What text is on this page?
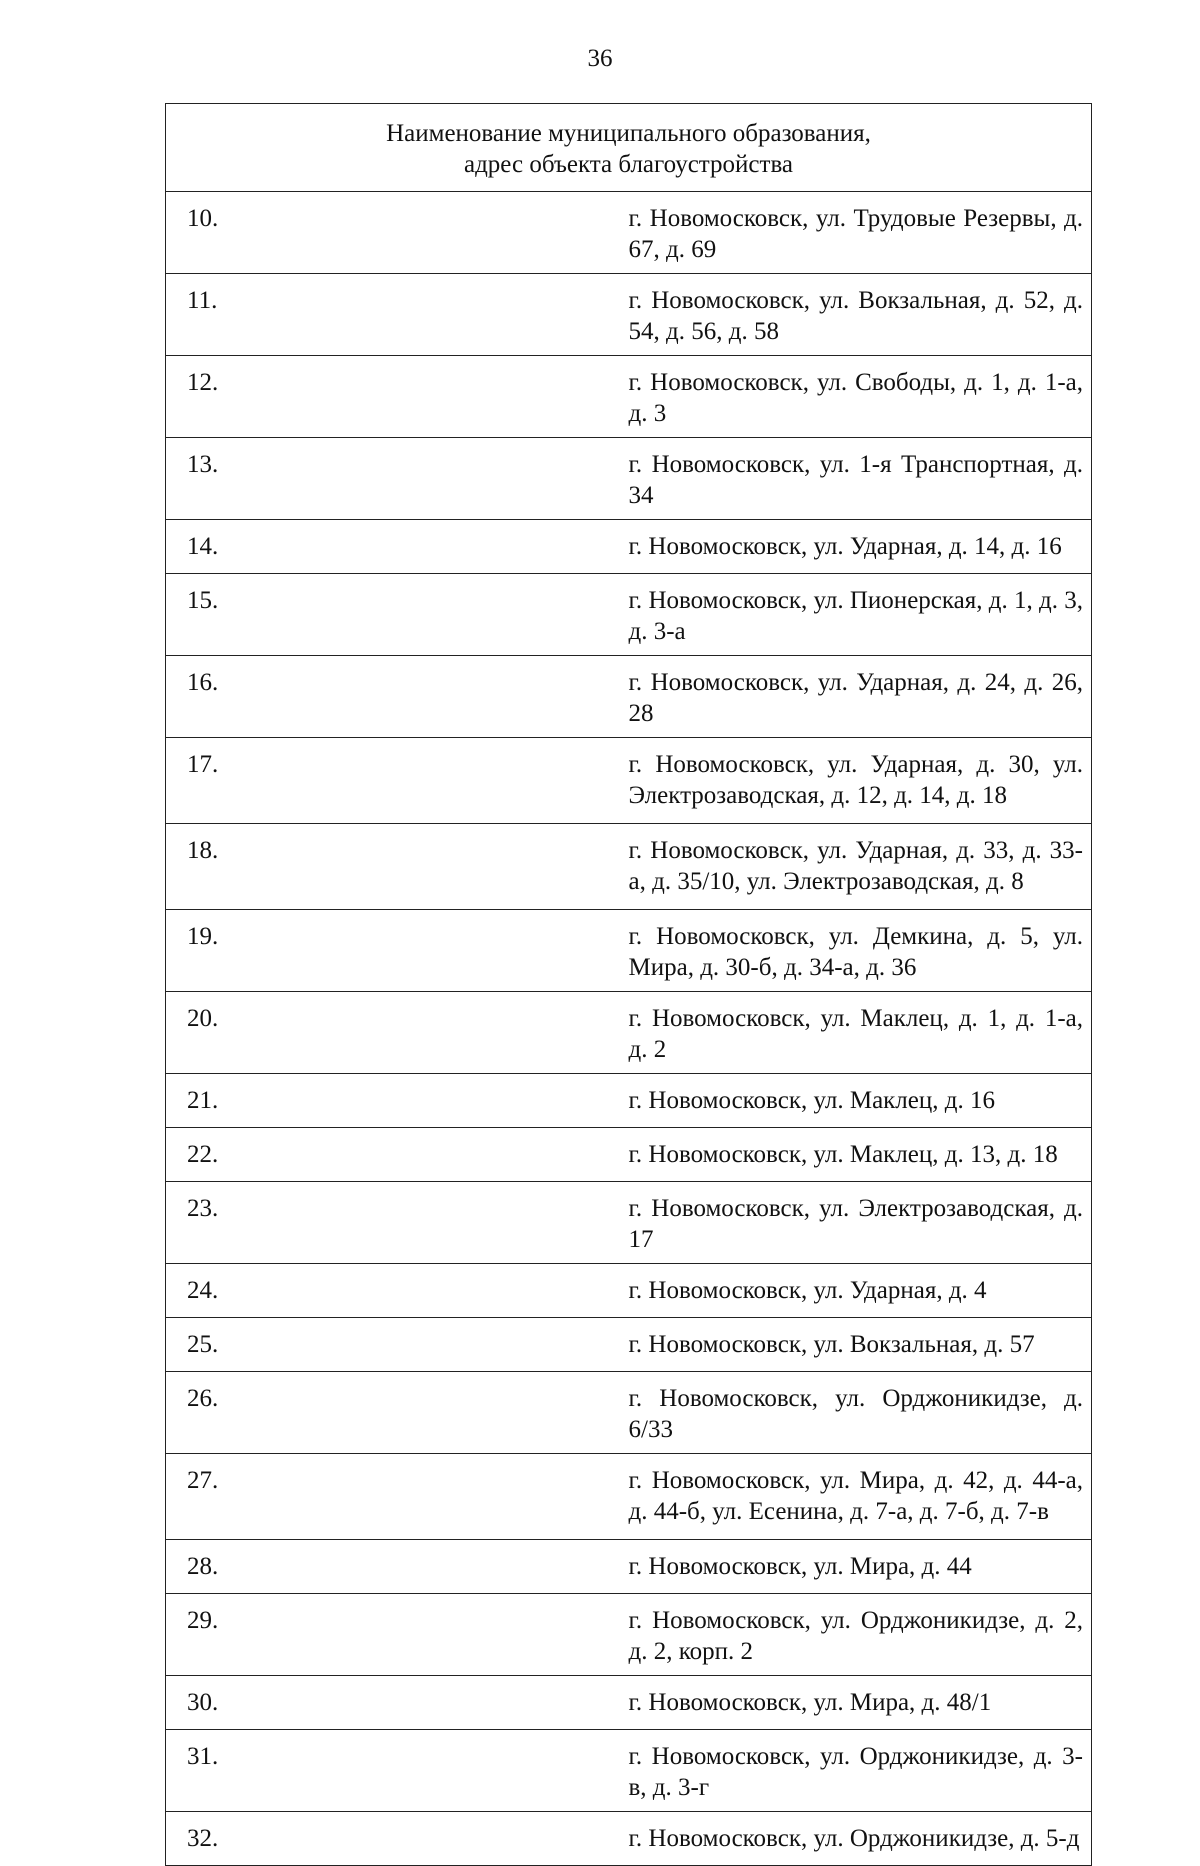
36
Наименование муниципального образования,
адрес объекта благоустройства	

10.	г. Новомосковск, ул. Трудовые Резервы, д. 67, д. 69
11.	г. Новомосковск, ул. Вокзальная, д. 52, д. 54, д. 56, д. 58
12.	г. Новомосковск, ул. Свободы, д. 1, д. 1-а, д. 3
13.	г. Новомосковск, ул. 1-я Транспортная, д. 34
14.	г. Новомосковск, ул. Ударная, д. 14, д. 16
15.	г. Новомосковск, ул. Пионерская, д. 1, д. 3, д. 3-а
16.	г. Новомосковск, ул. Ударная, д. 24, д. 26, 28
17.	г. Новомосковск, ул. Ударная, д. 30, ул. Электрозаводская, д. 12, д. 14, д. 18
18.	г. Новомосковск, ул. Ударная, д. 33, д. 33-а, д. 35/10, ул. Электрозаводская, д. 8
19.	г. Новомосковск, ул. Демкина, д. 5, ул. Мира, д. 30-б, д. 34-а, д. 36
20.	г. Новомосковск, ул. Маклец, д. 1, д. 1-а, д. 2
21.	г. Новомосковск, ул. Маклец, д. 16
22.	г. Новомосковск, ул. Маклец, д. 13, д. 18
23.	г. Новомосковск, ул. Электрозаводская, д. 17
24.	г. Новомосковск, ул. Ударная, д. 4
25.	г. Новомосковск, ул. Вокзальная, д. 57
26.	г. Новомосковск, ул. Орджоникидзе, д. 6/33
27.	г. Новомосковск, ул. Мира, д. 42, д. 44-а, д. 44-б, ул. Есенина, д. 7-а, д. 7-б, д. 7-в
28.	г. Новомосковск, ул. Мира, д. 44
29.	г. Новомосковск, ул. Орджоникидзе, д. 2, д. 2, корп. 2
30.	г. Новомосковск, ул. Мира, д. 48/1
31.	г. Новомосковск, ул. Орджоникидзе, д. 3-в, д. 3-г
32.	г. Новомосковск, ул. Орджоникидзе, д. 5-д
